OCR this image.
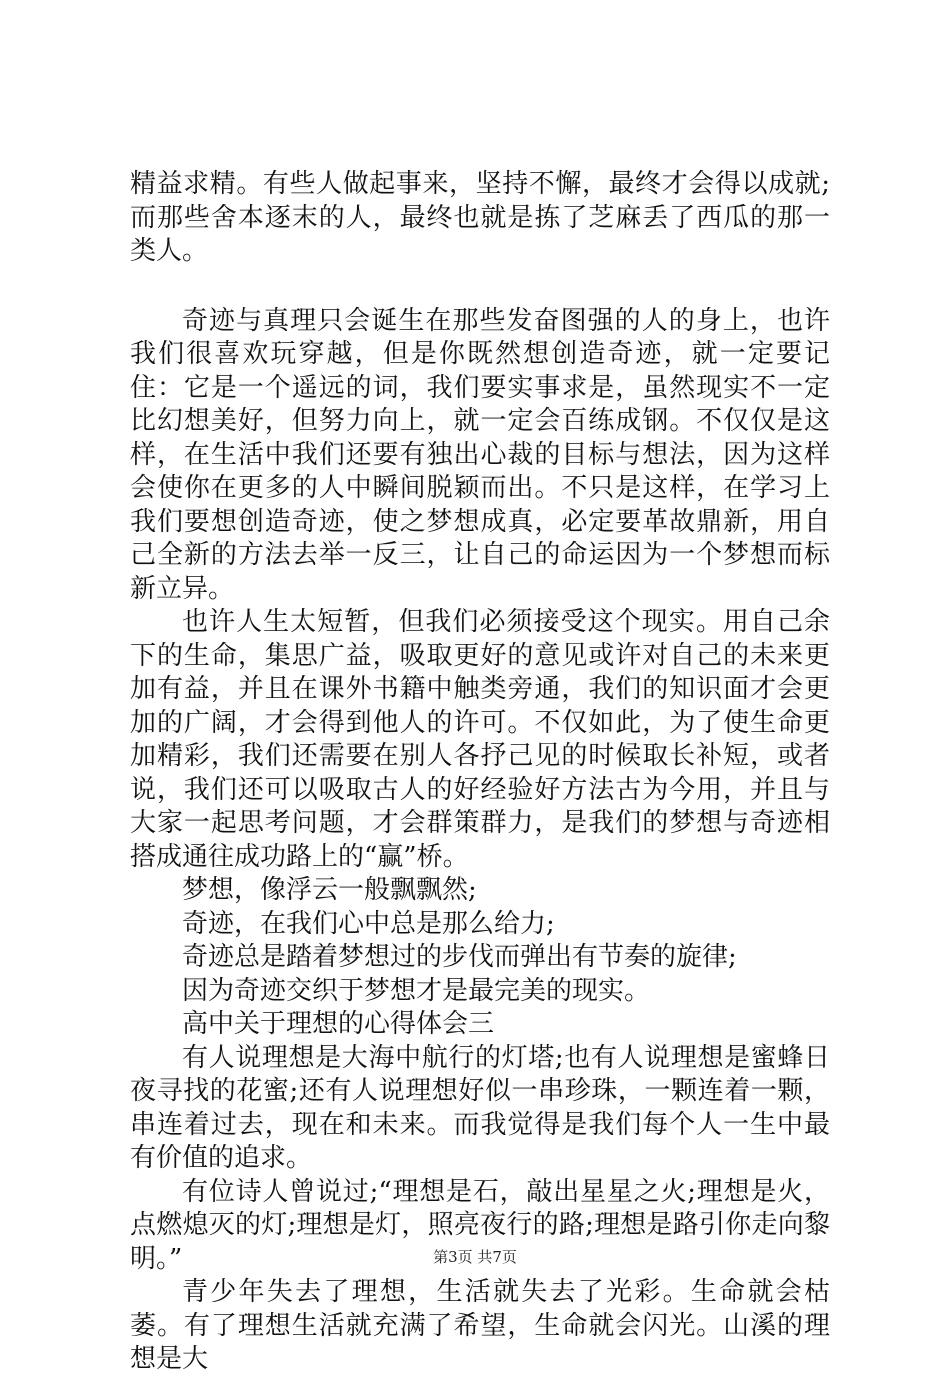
精益求精。有些人做起事来，坚持不懈，最终才会得以成就;而那些舍本逐末的人，最终也就是拣了芝麻丢了西瓜的那一类人。

奇迹与真理只会诞生在那些发奋图强的人的身上，也许我们很喜欢玩穿越，但是你既然想创造奇迹，就一定要记住：它是一个遥远的词，我们要实事求是，虽然现实不一定比幻想美好，但努力向上，就一定会百练成钢。不仅仅是这样，在生活中我们还要有独出心裁的目标与想法，因为这样会使你在更多的人中瞬间脱颖而出。不只是这样，在学习上我们要想创造奇迹，使之梦想成真，必定要革故鼎新，用自己全新的方法去举一反三，让自己的命运因为一个梦想而标新立异。

也许人生太短暂，但我们必须接受这个现实。用自己余下的生命，集思广益，吸取更好的意见或许对自己的未来更加有益，并且在课外书籍中触类旁通，我们的知识面才会更加的广阔，才会得到他人的许可。不仅如此，为了使生命更加精彩，我们还需要在别人各抒己见的时候取长补短，或者说，我们还可以吸取古人的好经验好方法古为今用，并且与大家一起思考问题，才会群策群力，是我们的梦想与奇迹相搭成通往成功路上的“赢”桥。

梦想，像浮云一般飘飘然;

奇迹，在我们心中总是那么给力;

奇迹总是踏着梦想过的步伐而弹出有节奏的旋律;

因为奇迹交织于梦想才是最完美的现实。

高中关于理想的心得体会三

有人说理想是大海中航行的灯塔;也有人说理想是蜜蜂日夜寻找的花蜜;还有人说理想好似一串珍珠，一颗连着一颗，串连着过去，现在和未来。而我觉得是我们每个人一生中最有价值的追求。

有位诗人曾说过;“理想是石，敲出星星之火;理想是火，点燃熄灭的灯;理想是灯，照亮夜行的路;理想是路引你走向黎明。”

青少年失去了理想，生活就失去了光彩。生命就会枯萎。有了理想生活就充满了希望，生命就会闪光。山溪的理想是大

第3页 共7页
